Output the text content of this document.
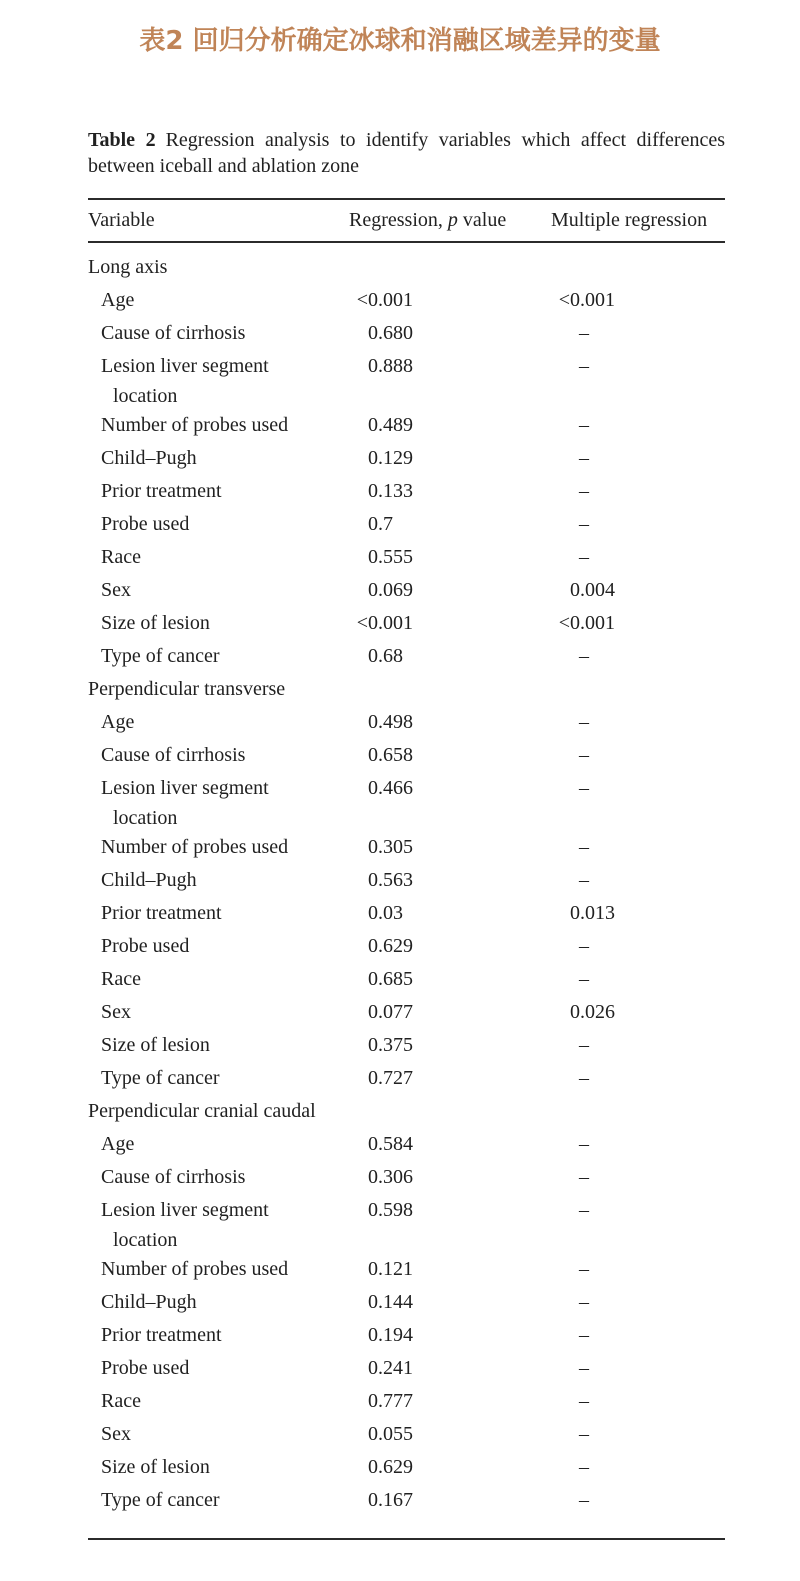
表2 回归分析确定冰球和消融区域差异的变量

Table 2 Regression analysis to identify variables which affect differences between iceball and ablation zone

Variable	Regression, p value	Multiple regression
Long axis
Age	< 0.001	< 0.001
Cause of cirrhosis	0.680	–
Lesion liver segment
location
0.888	–
Number of probes used	0.489	–
Child–Pugh	0.129	–
Prior treatment	0.133	–
Probe used	0.7	–
Race	0.555	–
Sex	0.069	0.004
Size of lesion	< 0.001	< 0.001
Type of cancer	0.68	–
Perpendicular transverse
Age	0.498	–
Cause of cirrhosis	0.658	–
Lesion liver segment
location
0.466	–
Number of probes used	0.305	–
Child–Pugh	0.563	–
Prior treatment	0.03	0.013
Probe used	0.629	–
Race	0.685	–
Sex	0.077	0.026
Size of lesion	0.375	–
Type of cancer	0.727	–
Perpendicular cranial caudal
Age	0.584	–
Cause of cirrhosis	0.306	–
Lesion liver segment
location
0.598	–
Number of probes used	0.121	–
Child–Pugh	0.144	–
Prior treatment	0.194	–
Probe used	0.241	–
Race	0.777	–
Sex	0.055	–
Size of lesion	0.629	–
Type of cancer	0.167	–
